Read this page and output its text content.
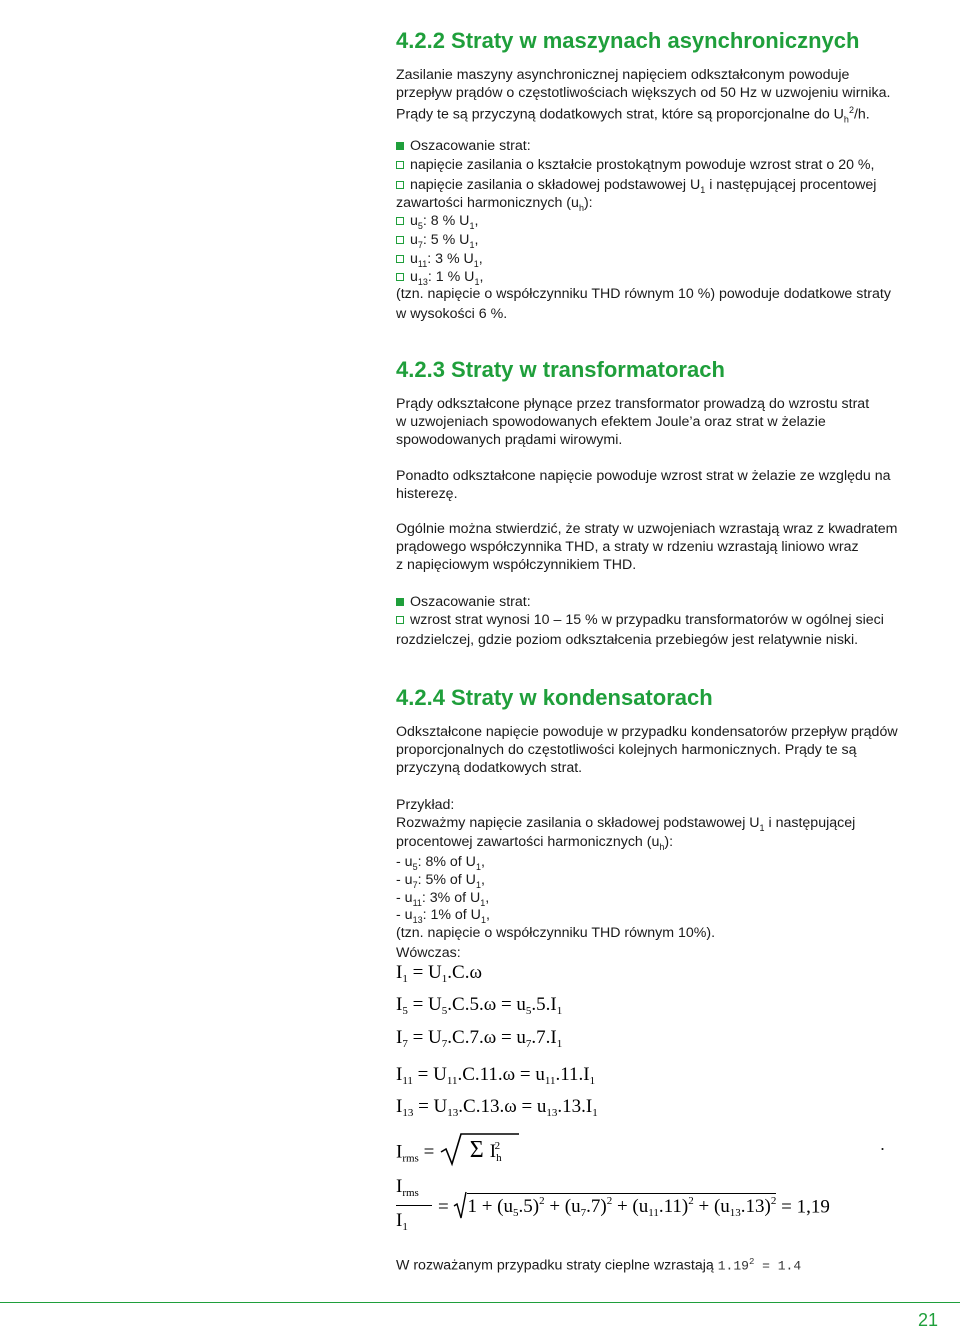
4.2.2 Straty w maszynach asynchronicznych
Zasilanie maszyny asynchronicznej napięciem odkształconym powoduje
przepływ prądów o częstotliwościach większych od 50 Hz w uzwojeniu wirnika.
Prądy te są przyczyną dodatkowych strat, które są proporcjonalne do $U_h^2/h$.
Oszacowanie strat:
napięcie zasilania o kształcie prostokątnym powoduje wzrost strat o 20 %,
napięcie zasilania o składowej podstawowej $U_1$ i następującej procentowej
zawartości harmonicznych $(u_h)$:
$u_5$: 8 % $U_1$,
$u_7$: 5 % $U_1$,
$u_{11}$: 3 % $U_1$,
$u_{13}$: 1 % $U_1$,
(tzn. napięcie o współczynniku THD równym 10 %) powoduje dodatkowe straty
w wysokości 6 %.
4.2.3 Straty w transformatorach
Prądy odkształcone płynące przez transformator prowadzą do wzrostu strat
w uzwojeniach spowodowanych efektem Joule’a oraz strat w żelazie
spowodowanych prądami wirowymi.
Ponadto odkształcone napięcie powoduje wzrost strat w żelazie ze względu na
histerezę.
Ogólnie można stwierdzić, że straty w uzwojeniach wzrastają wraz z kwadratem
prądowego współczynnika THD, a straty w rdzeniu wzrastają liniowo wraz
z napięciowym współczynnikiem THD.
Oszacowanie strat:
wzrost strat wynosi 10 – 15 % w przypadku transformatorów w ogólnej sieci
rozdzielczej, gdzie poziom odkształcenia przebiegów jest relatywnie niski.
4.2.4 Straty w kondensatorach
Odkształcone napięcie powoduje w przypadku kondensatorów przepływ prądów
proporcjonalnych do częstotliwości kolejnych harmonicznych. Prądy te są
przyczyną dodatkowych strat.
Przykład:
Rozważmy napięcie zasilania o składowej podstawowej $U_1$ i następującej
procentowej zawartości harmonicznych $(u_h)$:
- $u_5$: 8% of $U_1$,
- $u_7$: 5% of $U_1$,
- $u_{11}$: 3% of $U_1$,
- $u_{13}$: 1% of $U_1$,
(tzn. napięcie o współczynniku THD równym 10%).
Wówczas:
$I_1 = U_1.C.\omega$
$I_5 = U_5.C.5.\omega = u_5.5.I_1$
$I_7 = U_7.C.7.\omega = u_7.7.I_1$
$I_{11} = U_{11}.C.11.\omega = u_{11}.11.I_1$
$I_{13} = U_{13}.C.13.\omega = u_{13}.13.I_1$
$I_{rms} = \Sigma$ $I_h^2$
$I_{rms}$
$I_1$
= $1 + (u_5.5)^2 + (u_7.7)^2 + (u_{11}.11)^2 + (u_{13}.13)^2 = 1,19$
W rozważanym przypadku straty cieplne wzrastają $1.19^2 = 1.4$
.
21
